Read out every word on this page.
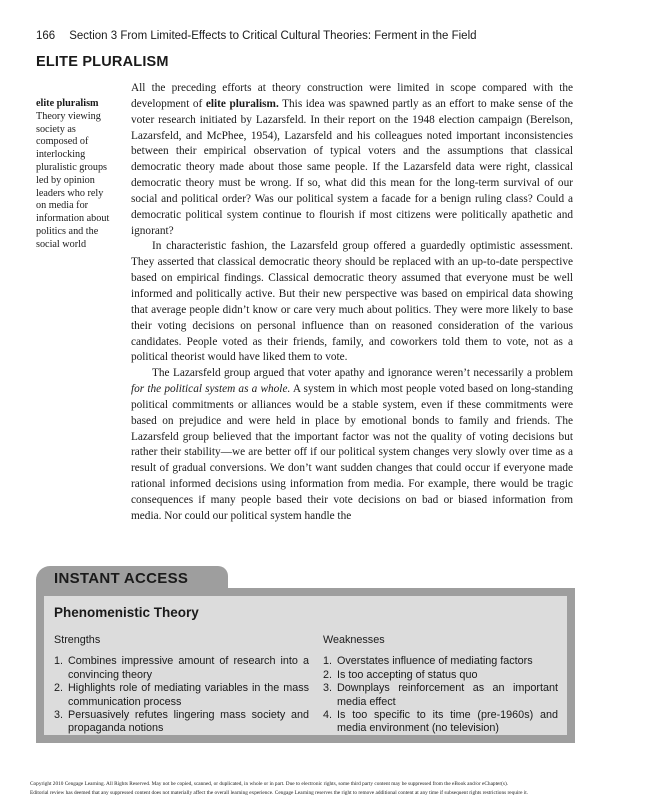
166 Section 3 From Limited-Effects to Critical Cultural Theories: Ferment in the Field
ELITE PLURALISM
elite pluralism
Theory viewing society as composed of interlocking pluralistic groups led by opinion leaders who rely on media for information about politics and the social world

All the preceding efforts at theory construction were limited in scope compared with the development of elite pluralism. This idea was spawned partly as an effort to make sense of the voter research initiated by Lazarsfeld. In their report on the 1948 election campaign (Berelson, Lazarsfeld, and McPhee, 1954), Lazarsfeld and his colleagues noted important inconsistencies between their empirical observation of typical voters and the assumptions that classical democratic theory made about those same people. If the Lazarsfeld data were right, classical democratic theory must be wrong. If so, what did this mean for the long-term survival of our social and political order? Was our political system a facade for a benign ruling class? Could a democratic political system continue to flourish if most citizens were politically apathetic and ignorant?

In characteristic fashion, the Lazarsfeld group offered a guardedly optimistic assessment. They asserted that classical democratic theory should be replaced with an up-to-date perspective based on empirical findings. Classical democratic theory assumed that everyone must be well informed and politically active. But their new perspective was based on empirical data showing that average people didn’t know or care very much about politics. They were more likely to base their voting decisions on personal influence than on reasoned consideration of the various candidates. People voted as their friends, family, and coworkers told them to vote, not as a political theorist would have liked them to vote.

The Lazarsfeld group argued that voter apathy and ignorance weren’t necessarily a problem for the political system as a whole. A system in which most people voted based on long-standing political commitments or alliances would be a stable system, even if these commitments were based on prejudice and were held in place by emotional bonds to family and friends. The Lazarsfeld group believed that the important factor was not the quality of voting decisions but rather their stability—we are better off if our political system changes very slowly over time as a result of gradual conversions. We don’t want sudden changes that could occur if everyone made rational informed decisions using information from media. For example, there would be tragic consequences if many people based their vote decisions on bad or biased information from media. Nor could our political system handle the

INSTANT ACCESS
Phenomenistic Theory
Strengths
1. Combines impressive amount of research into a convincing theory
2. Highlights role of mediating variables in the mass communication process
3. Persuasively refutes lingering mass society and propaganda notions
Weaknesses
1. Overstates influence of mediating factors
2. Is too accepting of status quo
3. Downplays reinforcement as an important media effect
4. Is too specific to its time (pre-1960s) and media environment (no television)
Copyright 2010 Cengage Learning. All Rights Reserved. May not be copied, scanned, or duplicated, in whole or in part. Due to electronic rights, some third party content may be suppressed from the eBook and/or eChapter(s).
Editorial review has deemed that any suppressed content does not materially affect the overall learning experience. Cengage Learning reserves the right to remove additional content at any time if subsequent rights restrictions require it.
